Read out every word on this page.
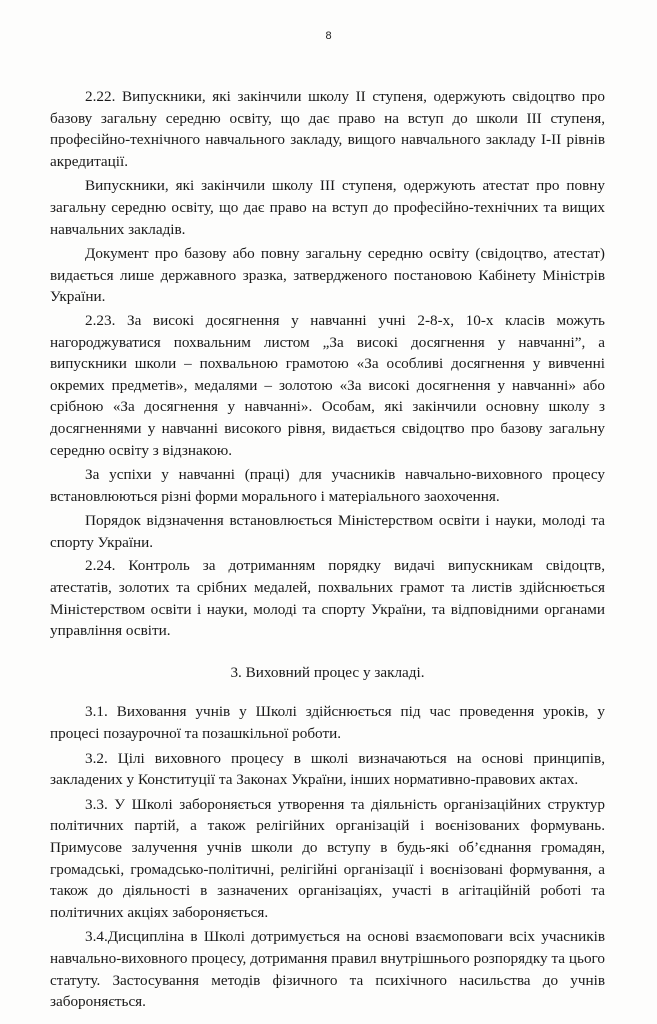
8

2.22. Випускники, які закінчили школу II ступеня, одержують свідоцтво про базову загальну середню освіту, що дає право на вступ до школи III ступеня, професійно-технічного навчального закладу, вищого навчального закладу I-II рівнів акредитації.

Випускники, які закінчили школу III ступеня, одержують атестат про повну загальну середню освіту, що дає право на вступ до професійно-технічних та вищих навчальних закладів.

Документ про базову або повну загальну середню освіту (свідоцтво, атестат) видається лише державного зразка, затвердженого постановою Кабінету Міністрів України.

2.23. За високі досягнення у навчанні учні 2-8-х, 10-х класів можуть нагороджуватися похвальним листом „За високі досягнення у навчанні”, а випускники школи – похвальною грамотою «За особливі досягнення у вивченні окремих предметів», медалями – золотою «За високі досягнення у навчанні» або срібною «За досягнення у навчанні». Особам, які закінчили основну школу з досягненнями у навчанні високого рівня, видається свідоцтво про базову загальну середню освіту з відзнакою.

За успіхи у навчанні (праці) для учасників навчально-виховного процесу встановлюються різні форми морального і матеріального заохочення.

Порядок відзначення встановлюється Міністерством освіти і науки, молоді та спорту України.

2.24. Контроль за дотриманням порядку видачі випускникам свідоцтв, атестатів, золотих та срібних медалей, похвальних грамот та листів здійснюється Міністерством освіти і науки, молоді та спорту України, та відповідними органами управління освіти.

3. Виховний процес у закладі.

3.1. Виховання учнів у Школі здійснюється під час проведення уроків, у процесі позаурочної та позашкільної роботи.

3.2. Цілі виховного процесу в школі визначаються на основі принципів, закладених у Конституції та Законах України, інших нормативно-правових актах.

3.3. У Школі забороняється утворення та діяльність організаційних структур політичних партій, а також релігійних організацій і воєнізованих формувань. Примусове залучення учнів школи до вступу в будь-які об’єднання громадян, громадські, громадсько-політичні, релігійні організації і воєнізовані формування, а також до діяльності в зазначених організаціях, участі в агітаційній роботі та політичних акціях забороняється.

3.4.Дисципліна в Школі дотримується на основі взаємоповаги всіх учасників навчально-виховного процесу, дотримання правил внутрішнього розпорядку та цього статуту. Застосування методів фізичного та психічного насильства до учнів забороняється.
